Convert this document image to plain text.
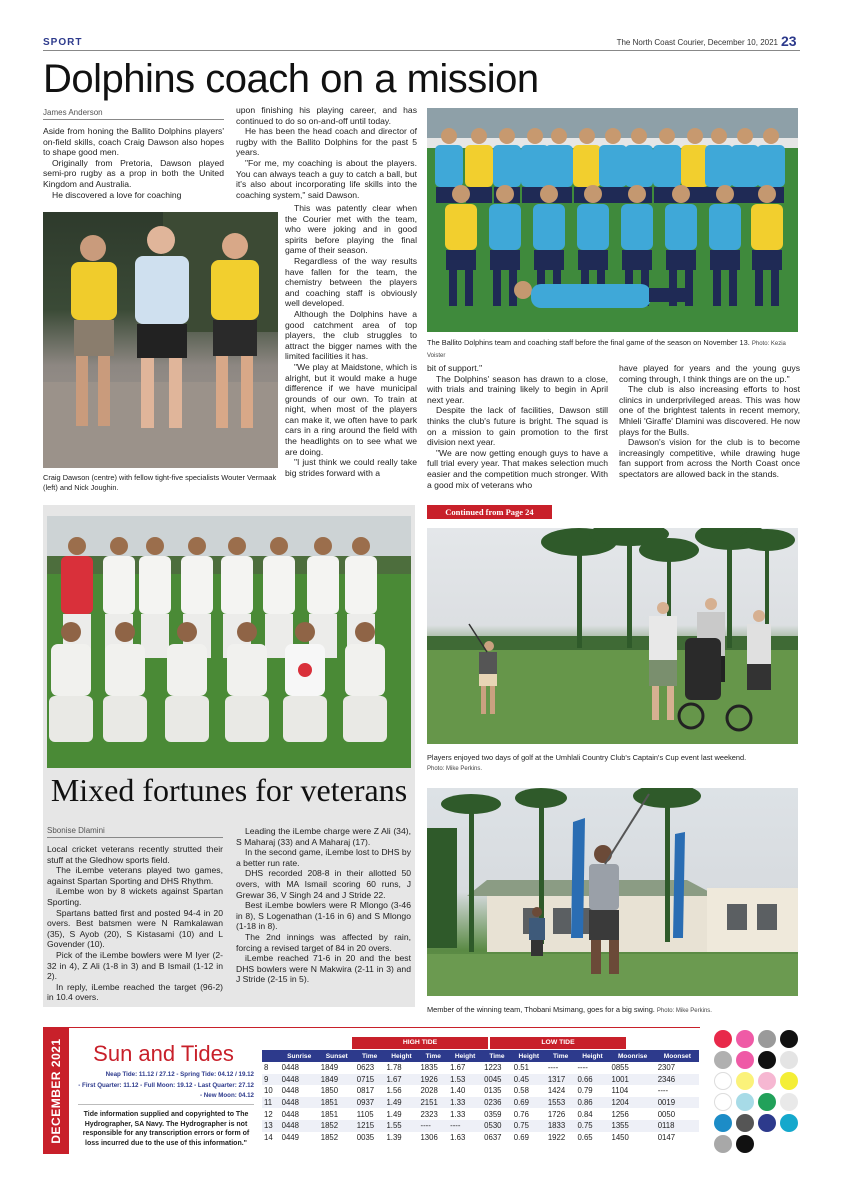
SPORT	The North Coast Courier, December 10, 2021 23
Dolphins coach on a mission
James Anderson

Aside from honing the Ballito Dolphins players' on-field skills, coach Craig Dawson also hopes to shape good men.

Originally from Pretoria, Dawson played semi-pro rugby as a prop in both the United Kingdom and Australia.

He discovered a love for coaching

Craig Dawson (centre) with fellow tight-five specialists Wouter Vermaak (left) and Nick Joughin.

upon finishing his playing career, and has continued to do so on-and-off until today.

He has been the head coach and director of rugby with the Ballito Dolphins for the past 5 years.

"For me, my coaching is about the players. You can always teach a guy to catch a ball, but it's also about incorporating life skills into the coaching system," said Dawson.

This was patently clear when the Courier met with the team, who were joking and in good spirits before playing the final game of their season.

Regardless of the way results have fallen for the team, the chemistry between the players and coaching staff is obviously well developed.

Although the Dolphins have a good catchment area of top players, the club struggles to attract the bigger names with the limited facilities it has.

"We play at Maidstone, which is alright, but it would make a huge difference if we have municipal grounds of our own. To train at night, when most of the players can make it, we often have to park cars in a ring around the field with the headlights on to see what we are doing.

"I just think we could really take big strides forward with a

The Ballito Dolphins team and coaching staff before the final game of the season on November 13. Photo: Kezia Voister

bit of support."

The Dolphins' season has drawn to a close, with trials and training likely to begin in April next year.

Despite the lack of facilities, Dawson still thinks the club's future is bright. The squad is on a mission to gain promotion to the first division next year.

"We are now getting enough guys to have a full trial every year. That makes selection much easier and the competition much stronger. With a good mix of veterans who

have played for years and the young guys coming through, I think things are on the up."

The club is also increasing efforts to host clinics in underprivileged areas. This was how one of the brightest talents in recent memory, Mhleli 'Giraffe' Dlamini was discovered. He now plays for the Bulls.

Dawson's vision for the club is to become increasingly competitive, while drawing huge fan support from across the North Coast once spectators are allowed back in the stands.

Mixed fortunes for veterans
Sbonise Dlamini

Local cricket veterans recently strutted their stuff at the Gledhow sports field.

The iLembe veterans played two games, against Spartan Sporting and DHS Rhythm.

iLembe won by 8 wickets against Spartan Sporting.

Spartans batted first and posted 94-4 in 20 overs. Best batsmen were N Ramkalawan (35), S Ayob (20), S Kistasami (10) and L Govender (10).

Pick of the iLembe bowlers were M Iyer (2-32 in 4), Z Ali (1-8 in 3) and B Ismail (1-12 in 2).

In reply, iLembe reached the target (96-2) in 10.4 overs.

Leading the iLembe charge were Z Ali (34), S Maharaj (33) and A Maharaj (17).

In the second game, iLembe lost to DHS by a better run rate.

DHS recorded 208-8 in their allotted 50 overs, with MA Ismail scoring 60 runs, J Grewar 36, V Singh 24 and J Stride 22.

Best iLembe bowlers were R Mlongo (3-46 in 8), S Logenathan (1-16 in 6) and S Mlongo (1-18 in 8).

The 2nd innings was affected by rain, forcing a revised target of 84 in 20 overs.

iLembe reached 71-6 in 20 and the best DHS bowlers were N Makwira (2-11 in 3) and J Stride (2-15 in 5).

Continued from Page 24
Players enjoyed two days of golf at the Umhlali Country Club's Captain's Cup event last weekend.
Photo: Mike Perkins.
Member of the winning team, Thobani Msimang, goes for a big swing. Photo: Mike Perkins.
DECEMBER 2021	Sun and Tides
Neap Tide: 11.12 / 27.12 - Spring Tide: 04.12 / 19.12
- First Quarter: 11.12 - Full Moon: 19.12 - Last Quarter: 27.12
- New Moon: 04.12
Tide information supplied and copyrighted to The Hydrographer, SA Navy. The Hydrographer is not responsible for any transcription errors or form of loss incurred due to the use of this information."
HIGH TIDE	LOW TIDE
	Sunrise	Sunset	Time	Height	Time	Height	Time	Height	Time	Height	Moonrise	Moonset
8	0448	1849	0623	1.78	1835	1.67	1223	0.51	----	----	0855	2307
9	0448	1849	0715	1.67	1926	1.53	0045	0.45	1317	0.66	1001	2346
10	0448	1850	0817	1.56	2028	1.40	0135	0.58	1424	0.79	1104	----
11	0448	1851	0937	1.49	2151	1.33	0236	0.69	1553	0.86	1204	0019
12	0448	1851	1105	1.49	2323	1.33	0359	0.76	1726	0.84	1256	0050
13	0448	1852	1215	1.55	----	----	0530	0.75	1833	0.75	1355	0118
14	0449	1852	0035	1.39	1306	1.63	0637	0.69	1922	0.65	1450	0147
